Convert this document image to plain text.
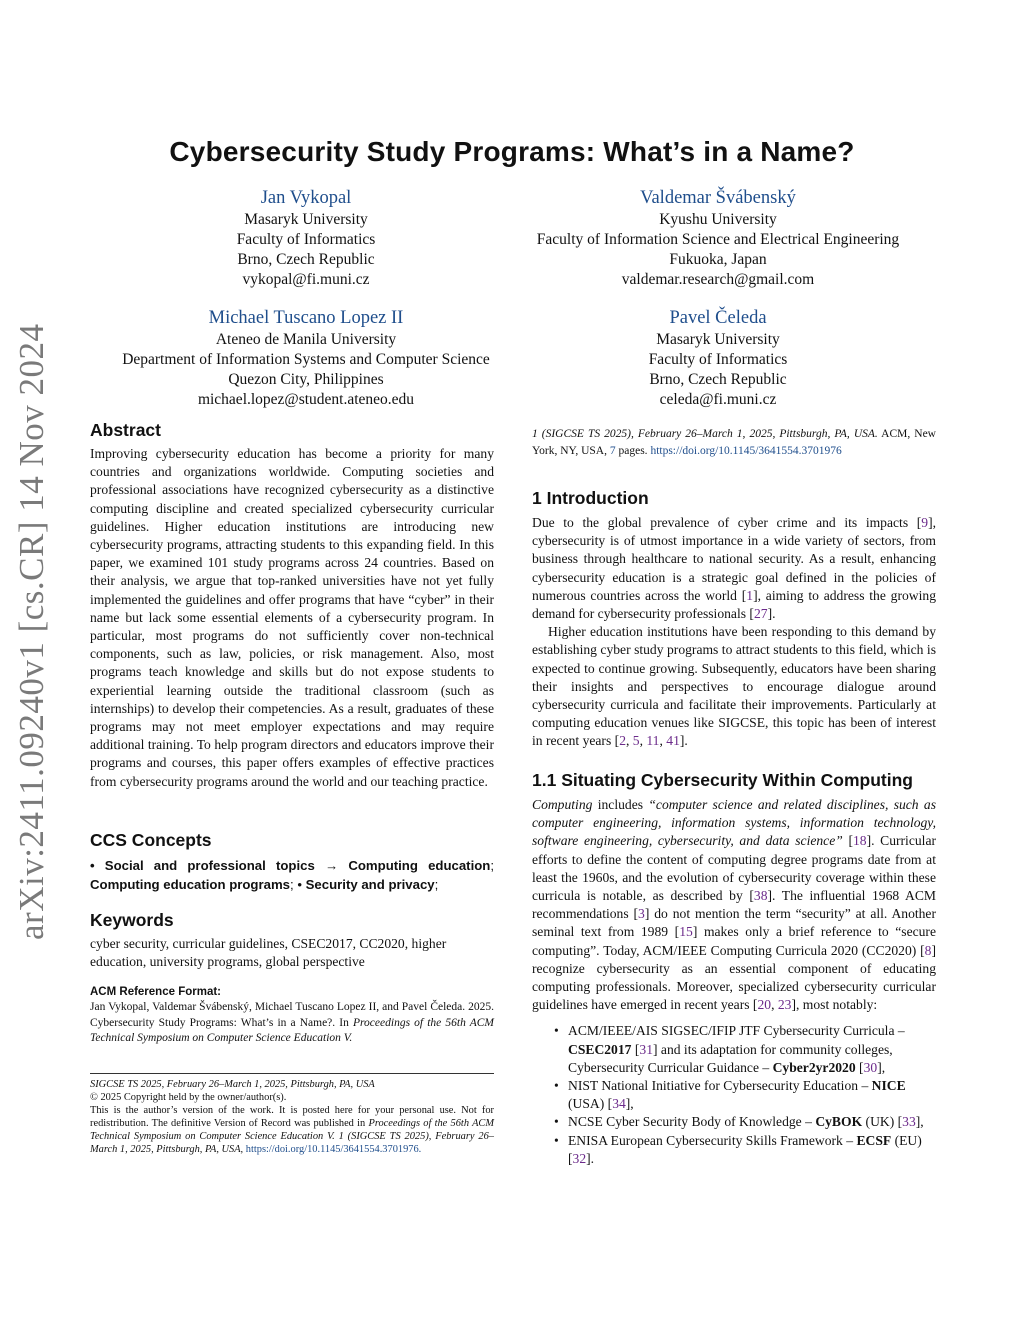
arXiv:2411.09240v1 [cs.CR] 14 Nov 2024
Cybersecurity Study Programs: What’s in a Name?
Jan Vykopal
Masaryk University
Faculty of Informatics
Brno, Czech Republic
vykopal@fi.muni.cz
Valdemar Švábenský
Kyushu University
Faculty of Information Science and Electrical Engineering
Fukuoka, Japan
valdemar.research@gmail.com
Michael Tuscano Lopez II
Ateneo de Manila University
Department of Information Systems and Computer Science
Quezon City, Philippines
michael.lopez@student.ateneo.edu
Pavel Čeleda
Masaryk University
Faculty of Informatics
Brno, Czech Republic
celeda@fi.muni.cz
Abstract

Improving cybersecurity education has become a priority for many countries and organizations worldwide. Computing societies and professional associations have recognized cybersecurity as a distinctive computing discipline and created specialized cybersecurity curricular guidelines. Higher education institutions are introducing new cybersecurity programs, attracting students to this expanding field. In this paper, we examined 101 study programs across 24 countries. Based on their analysis, we argue that top-ranked universities have not yet fully implemented the guidelines and offer programs that have “cyber” in their name but lack some essential elements of a cybersecurity program. In particular, most programs do not sufficiently cover non-technical components, such as law, policies, or risk management. Also, most programs teach knowledge and skills but do not expose students to experiential learning outside the traditional classroom (such as internships) to develop their competencies. As a result, graduates of these programs may not meet employer expectations and may require additional training. To help program directors and educators improve their programs and courses, this paper offers examples of effective practices from cybersecurity programs around the world and our teaching practice.

CCS Concepts

• Social and professional topics → Computing education; Computing education programs; • Security and privacy;

Keywords

cyber security, curricular guidelines, CSEC2017, CC2020, higher education, university programs, global perspective

ACM Reference Format:
Jan Vykopal, Valdemar Švábenský, Michael Tuscano Lopez II, and Pavel Čeleda. 2025. Cybersecurity Study Programs: What’s in a Name?. In Proceedings of the 56th ACM Technical Symposium on Computer Science Education V.
SIGCSE TS 2025, February 26–March 1, 2025, Pittsburgh, PA, USA
© 2025 Copyright held by the owner/author(s).
This is the author’s version of the work. It is posted here for your personal use. Not for redistribution. The definitive Version of Record was published in Proceedings of the 56th ACM Technical Symposium on Computer Science Education V. 1 (SIGCSE TS 2025), February 26–March 1, 2025, Pittsburgh, PA, USA, https://doi.org/10.1145/3641554.3701976.

1 (SIGCSE TS 2025), February 26–March 1, 2025, Pittsburgh, PA, USA. ACM, New York, NY, USA, 7 pages. https://doi.org/10.1145/3641554.3701976

1 Introduction

Due to the global prevalence of cyber crime and its impacts [9], cybersecurity is of utmost importance in a wide variety of sectors, from business through healthcare to national security. As a result, enhancing cybersecurity education is a strategic goal defined in the policies of numerous countries across the world [1], aiming to address the growing demand for cybersecurity professionals [27].

Higher education institutions have been responding to this demand by establishing cyber study programs to attract students to this field, which is expected to continue growing. Subsequently, educators have been sharing their insights and perspectives to encourage dialogue around cybersecurity curricula and facilitate their improvements. Particularly at computing education venues like SIGCSE, this topic has been of interest in recent years [2, 5, 11, 41].

1.1 Situating Cybersecurity Within Computing

Computing includes “computer science and related disciplines, such as computer engineering, information systems, information technology, software engineering, cybersecurity, and data science” [18]. Curricular efforts to define the content of computing degree programs date from at least the 1960s, and the evolution of cybersecurity coverage within these curricula is notable, as described by [38]. The influential 1968 ACM recommendations [3] do not mention the term “security” at all. Another seminal text from 1989 [15] makes only a brief reference to “secure computing”. Today, ACM/IEEE Computing Curricula 2020 (CC2020) [8] recognize cybersecurity as an essential component of educating computing professionals. Moreover, specialized cybersecurity curricular guidelines have emerged in recent years [20, 23], most notably:

• ACM/IEEE/AIS SIGSEC/IFIP JTF Cybersecurity Curricula – CSEC2017 [31] and its adaptation for community colleges, Cybersecurity Curricular Guidance – Cyber2yr2020 [30],
• NIST National Initiative for Cybersecurity Education – NICE (USA) [34],
• NCSE Cyber Security Body of Knowledge – CyBOK (UK) [33],
• ENISA European Cybersecurity Skills Framework – ECSF (EU) [32].
